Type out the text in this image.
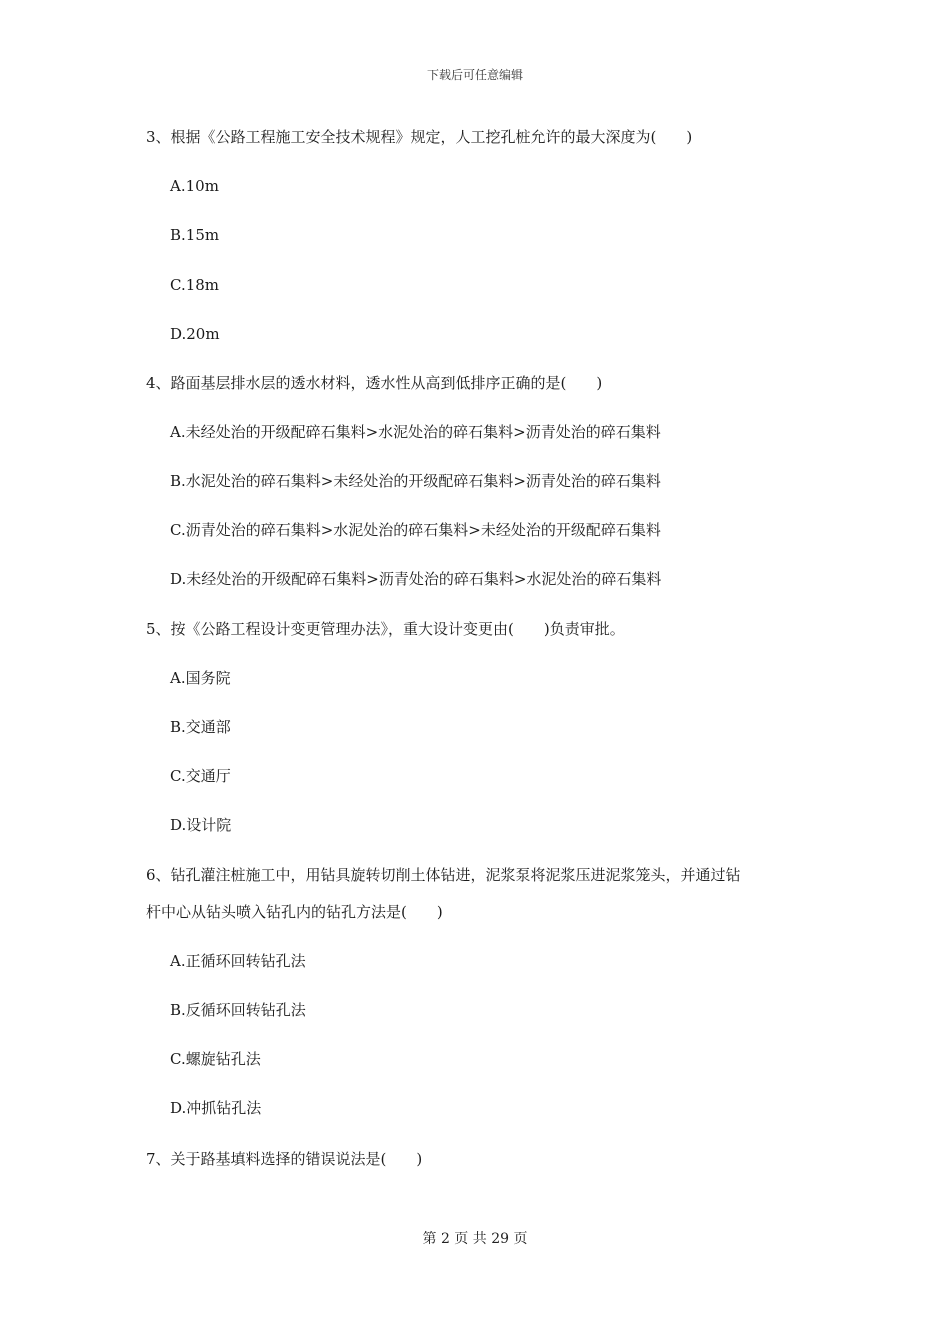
下载后可任意编辑
3、根据《公路工程施工安全技术规程》规定，人工挖孔桩允许的最大深度为(　　)
A.10m
B.15m
C.18m
D.20m
4、路面基层排水层的透水材料，透水性从高到低排序正确的是(　　)
A.未经处治的开级配碎石集料>水泥处治的碎石集料>沥青处治的碎石集料
B.水泥处治的碎石集料>未经处治的开级配碎石集料>沥青处治的碎石集料
C.沥青处治的碎石集料>水泥处治的碎石集料>未经处治的开级配碎石集料
D.未经处治的开级配碎石集料>沥青处治的碎石集料>水泥处治的碎石集料
5、按《公路工程设计变更管理办法》，重大设计变更由(　　)负责审批。
A.国务院
B.交通部
C.交通厅
D.设计院
6、钻孔灌注桩施工中，用钻具旋转切削土体钻进，泥浆泵将泥浆压进泥浆笼头，并通过钻
杆中心从钻头喷入钻孔内的钻孔方法是(　　)
A.正循环回转钻孔法
B.反循环回转钻孔法
C.螺旋钻孔法
D.冲抓钻孔法
7、关于路基填料选择的错误说法是(　　)
第 2 页 共 29 页
